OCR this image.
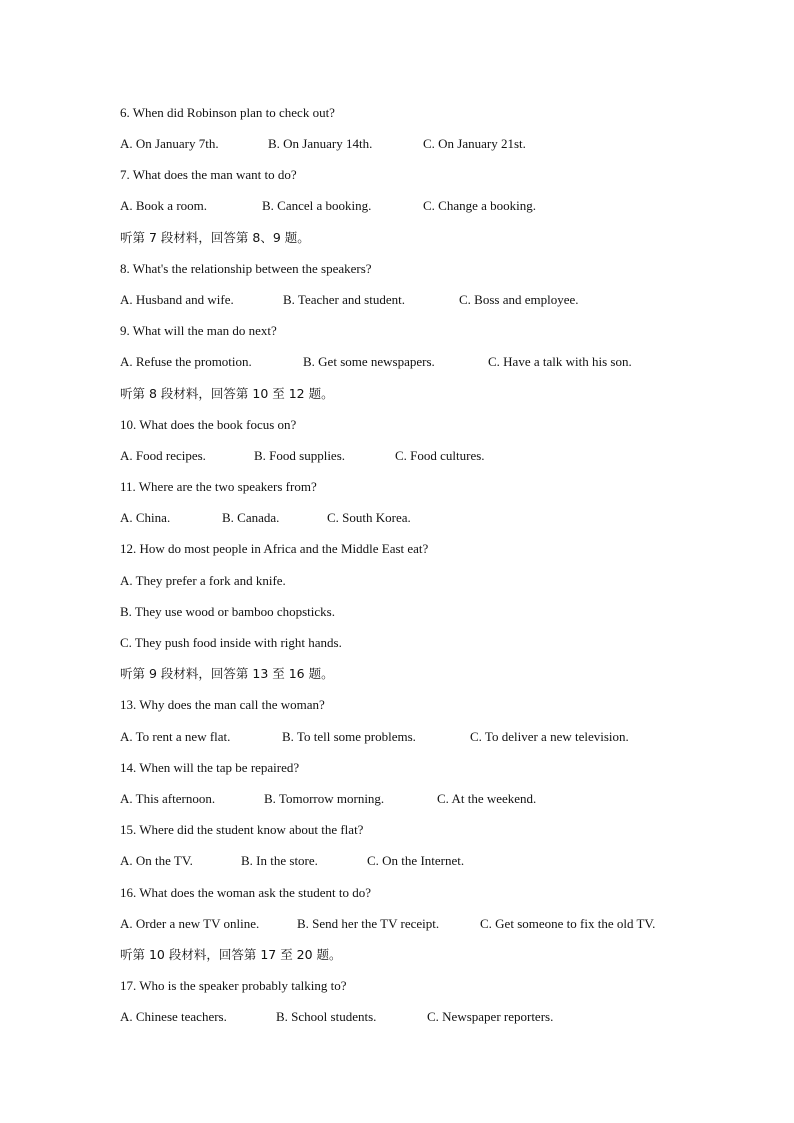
6. When did Robinson plan to check out?
A. On January 7th.	B. On January 14th.	C. On January 21st.
7. What does the man want to do?
A. Book a room.	B. Cancel a booking.	C. Change a booking.
听第 7 段材料，回答第 8、9 题。
8. What's the relationship between the speakers?
A. Husband and wife.	B. Teacher and student.	C. Boss and employee.
9. What will the man do next?
A. Refuse the promotion.	B. Get some newspapers.	C. Have a talk with his son.
听第 8 段材料，回答第 10 至 12 题。
10. What does the book focus on?
A. Food recipes.	B. Food supplies.	C. Food cultures.
11. Where are the two speakers from?
A. China.	B. Canada.	C. South Korea.
12. How do most people in Africa and the Middle East eat?
A. They prefer a fork and knife.
B. They use wood or bamboo chopsticks.
C. They push food inside with right hands.
听第 9 段材料，回答第 13 至 16 题。
13. Why does the man call the woman?
A. To rent a new flat.	B. To tell some problems.	C. To deliver a new television.
14. When will the tap be repaired?
A. This afternoon.	B. Tomorrow morning.	C. At the weekend.
15. Where did the student know about the flat?
A. On the TV.	B. In the store.	C. On the Internet.
16. What does the woman ask the student to do?
A. Order a new TV online.	B. Send her the TV receipt.	C. Get someone to fix the old TV.
听第 10 段材料，回答第 17 至 20 题。
17. Who is the speaker probably talking to?
A. Chinese teachers.	B. School students.	C. Newspaper reporters.
